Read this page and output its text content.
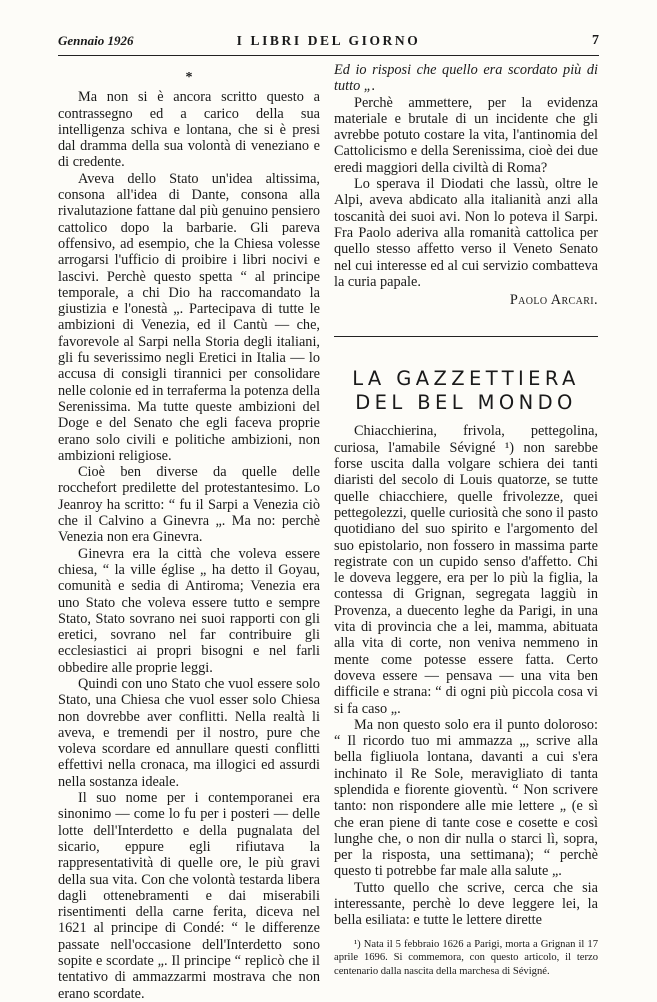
Gennaio 1926	I LIBRI DEL GIORNO	7
*

Ma non si è ancora scritto questo a contrassegno ed a carico della sua intelligenza schiva e lontana, che si è presi dal dramma della sua volontà di veneziano e di credente.

Aveva dello Stato un'idea altissima, consona all'idea di Dante, consona alla rivalutazione fattane dal più genuino pensiero cattolico dopo la barbarie. Gli pareva offensivo, ad esempio, che la Chiesa volesse arrogarsi l'ufficio di proibire i libri nocivi e lascivi. Perchè questo spetta “ al principe temporale, a chi Dio ha raccomandato la giustizia e l'onestà „. Partecipava di tutte le ambizioni di Venezia, ed il Cantù — che, favorevole al Sarpi nella Storia degli italiani, gli fu severissimo negli Eretici in Italia — lo accusa di consigli tirannici per consolidare nelle colonie ed in terraferma la potenza della Serenissima. Ma tutte queste ambizioni del Doge e del Senato che egli faceva proprie erano solo civili e politiche ambizioni, non ambizioni religiose.

Cioè ben diverse da quelle delle rocchefort predilette del protestantesimo. Lo Jeanroy ha scritto: “ fu il Sarpi a Venezia ciò che il Calvino a Ginevra „. Ma no: perchè Venezia non era Ginevra.

Ginevra era la città che voleva essere chiesa, “ la ville église „ ha detto il Goyau, comunità e sedia di Antiroma; Venezia era uno Stato che voleva essere tutto e sempre Stato, Stato sovrano nei suoi rapporti con gli eretici, sovrano nel far contribuire gli ecclesiastici ai propri bisogni e nel farli obbedire alle proprie leggi.

Quindi con uno Stato che vuol essere solo Stato, una Chiesa che vuol esser solo Chiesa non dovrebbe aver conflitti. Nella realtà li aveva, e tremendi per il nostro, pure che voleva scordare ed annullare questi conflitti effettivi nella cronaca, ma illogici ed assurdi nella sostanza ideale.

Il suo nome per i contemporanei era sinonimo — come lo fu per i posteri — delle lotte dell'Interdetto e della pugnalata del sicario, eppure egli rifiutava la rappresentatività di quelle ore, le più gravi della sua vita. Con che volontà testarda libera dagli ottenebramenti e dai miserabili risentimenti della carne ferita, diceva nel 1621 al principe di Condé: “ le differenze passate nell'occasione dell'Interdetto sono sopite e scordate „. Il principe “ replicò che il tentativo di ammazzarmi mostrava che non erano scordate.

Ed io risposi che quello era scordato più di tutto „.

Perchè ammettere, per la evidenza materiale e brutale di un incidente che gli avrebbe potuto costare la vita, l'antinomia del Cattolicismo e della Serenissima, cioè dei due eredi maggiori della civiltà di Roma?

Lo sperava il Diodati che lassù, oltre le Alpi, aveva abdicato alla italianità anzi alla toscanità dei suoi avi. Non lo poteva il Sarpi. Fra Paolo aderiva alla romanità cattolica per quello stesso affetto verso il Veneto Senato nel cui interesse ed al cui servizio combatteva la curia papale.

Paolo Arcari.
LA GAZZETTIERA
DEL BEL MONDO

Chiacchierina, frivola, pettegolina, curiosa, l'amabile Sévigné ¹) non sarebbe forse uscita dalla volgare schiera dei tanti diaristi del secolo di Louis quatorze, se tutte quelle chiacchiere, quelle frivolezze, quei pettegolezzi, quelle curiosità che sono il pasto quotidiano del suo spirito e l'argomento del suo epistolario, non fossero in massima parte registrate con un cupido senso d'affetto. Chi le doveva leggere, era per lo più la figlia, la contessa di Grignan, segregata laggiù in Provenza, a duecento leghe da Parigi, in una vita di provincia che a lei, mamma, abituata alla vita di corte, non veniva nemmeno in mente come potesse essere fatta. Certo doveva essere — pensava — una vita ben difficile e strana: “ di ogni più piccola cosa vi si fa caso „.

Ma non questo solo era il punto doloroso: “ Il ricordo tuo mi ammazza „, scrive alla bella figliuola lontana, davanti a cui s'era inchinato il Re Sole, meravigliato di tanta splendida e fiorente gioventù. “ Non scrivere tanto: non rispondere alle mie lettere „ (e sì che eran piene di tante cose e cosette e così lunghe che, o non dir nulla o starci lì, sopra, per la risposta, una settimana); “ perchè questo ti potrebbe far male alla salute „.

Tutto quello che scrive, cerca che sia interessante, perchè lo deve leggere lei, la bella esiliata: e tutte le lettere dirette

¹) Nata il 5 febbraio 1626 a Parigi, morta a Grignan il 17 aprile 1696. Si commemora, con questo articolo, il terzo centenario dalla nascita della marchesa di Sévigné.
